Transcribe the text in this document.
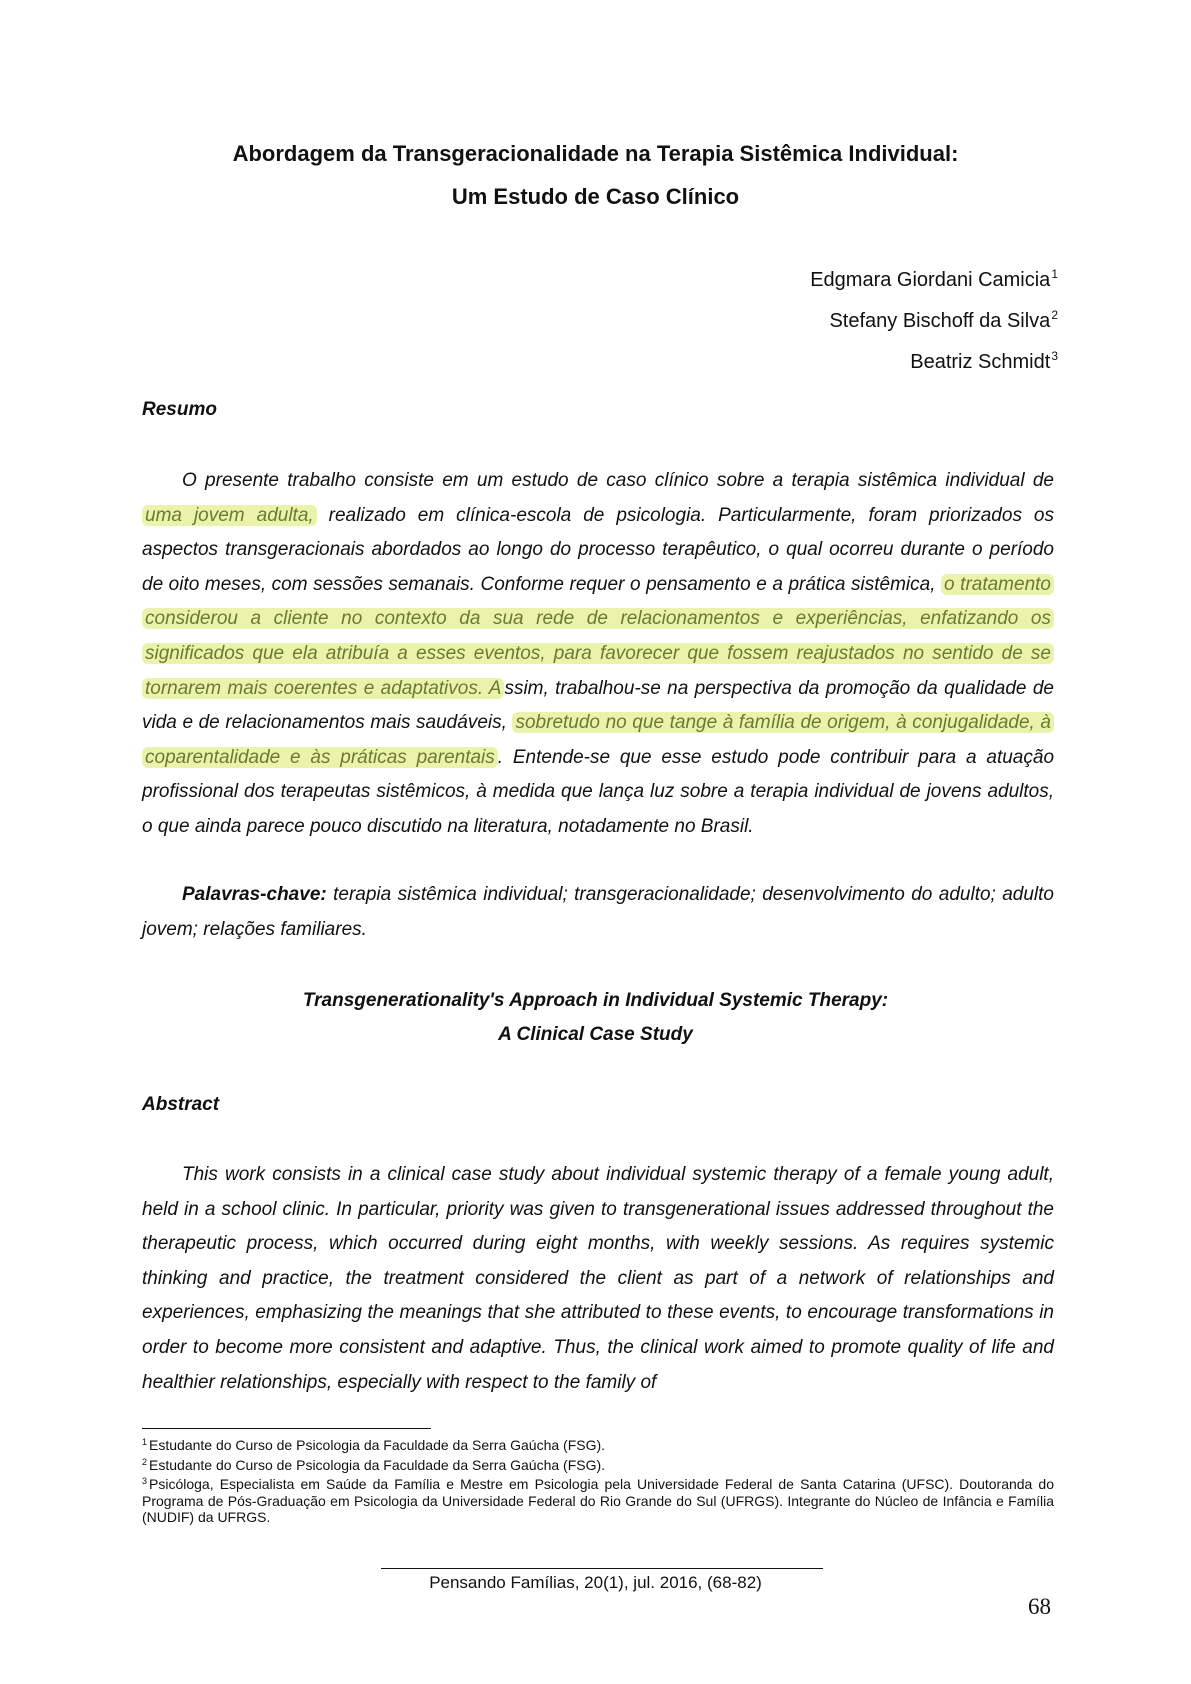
Abordagem da Transgeracionalidade na Terapia Sistêmica Individual:
Um Estudo de Caso Clínico
Edgmara Giordani Camicia$^1$
Stefany Bischoff da Silva$^2$
Beatriz Schmidt$^3$
Resumo

O presente trabalho consiste em um estudo de caso clínico sobre a terapia sistêmica individual de uma jovem adulta, realizado em clínica-escola de psicologia. Particularmente, foram priorizados os aspectos transgeracionais abordados ao longo do processo terapêutico, o qual ocorreu durante o período de oito meses, com sessões semanais. Conforme requer o pensamento e a prática sistêmica, o tratamento considerou a cliente no contexto da sua rede de relacionamentos e experiências, enfatizando os significados que ela atribuía a esses eventos, para favorecer que fossem reajustados no sentido de se tornarem mais coerentes e adaptativos. A ssim, trabalhou-se na perspectiva da promoção da qualidade de vida e de relacionamentos mais saudáveis, sobretudo no que tange à família de origem, à conjugalidade, à coparentalidade e às práticas parentais . Entende-se que esse estudo pode contribuir para a atuação profissional dos terapeutas sistêmicos, à medida que lança luz sobre a terapia individual de jovens adultos, o que ainda parece pouco discutido na literatura, notadamente no Brasil.

Palavras-chave: terapia sistêmica individual; transgeracionalidade; desenvolvimento do adulto; adulto jovem; relações familiares.

Transgenerationality's Approach in Individual Systemic Therapy:
A Clinical Case Study
Abstract

This work consists in a clinical case study about individual systemic therapy of a female young adult, held in a school clinic. In particular, priority was given to transgenerational issues addressed throughout the therapeutic process, which occurred during eight months, with weekly sessions. As requires systemic thinking and practice, the treatment considered the client as part of a network of relationships and experiences, emphasizing the meanings that she attributed to these events, to encourage transformations in order to become more consistent and adaptive. Thus, the clinical work aimed to promote quality of life and healthier relationships, especially with respect to the family of

$^1$ Estudante do Curso de Psicologia da Faculdade da Serra Gaúcha (FSG).

$^2$ Estudante do Curso de Psicologia da Faculdade da Serra Gaúcha (FSG).

$^3$ Psicóloga, Especialista em Saúde da Família e Mestre em Psicologia pela Universidade Federal de Santa Catarina (UFSC). Doutoranda do Programa de Pós-Graduação em Psicologia da Universidade Federal do Rio Grande do Sul (UFRGS). Integrante do Núcleo de Infância e Família (NUDIF) da UFRGS.

Pensando Famílias, 20(1), jul. 2016, (68-82)
68
